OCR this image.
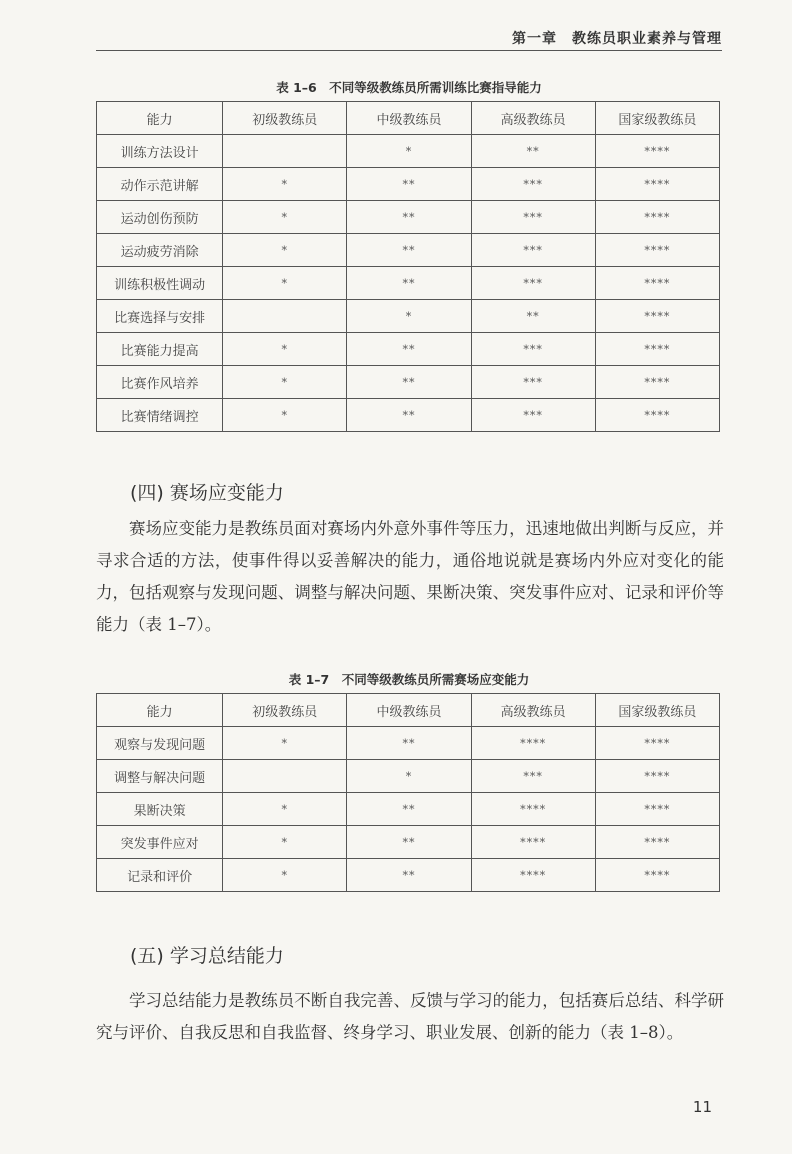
第一章　教练员职业素养与管理
表 1–6　不同等级教练员所需训练比赛指导能力
能力	初级教练员	中级教练员	高级教练员	国家级教练员
训练方法设计		*	**	****
动作示范讲解	*	**	***	****
运动创伤预防	*	**	***	****
运动疲劳消除	*	**	***	****
训练积极性调动	*	**	***	****
比赛选择与安排		*	**	****
比赛能力提高	*	**	***	****
比赛作风培养	*	**	***	****
比赛情绪调控	*	**	***	****
(四) 赛场应变能力

赛场应变能力是教练员面对赛场内外意外事件等压力，迅速地做出判断与反应，并寻求合适的方法，使事件得以妥善解决的能力，通俗地说就是赛场内外应对变化的能力，包括观察与发现问题、调整与解决问题、果断决策、突发事件应对、记录和评价等能力（表 1–7）。

表 1–7　不同等级教练员所需赛场应变能力
能力	初级教练员	中级教练员	高级教练员	国家级教练员
观察与发现问题	*	**	****	****
调整与解决问题		*	***	****
果断决策	*	**	****	****
突发事件应对	*	**	****	****
记录和评价	*	**	****	****
(五) 学习总结能力

学习总结能力是教练员不断自我完善、反馈与学习的能力，包括赛后总结、科学研究与评价、自我反思和自我监督、终身学习、职业发展、创新的能力（表 1–8）。

11
